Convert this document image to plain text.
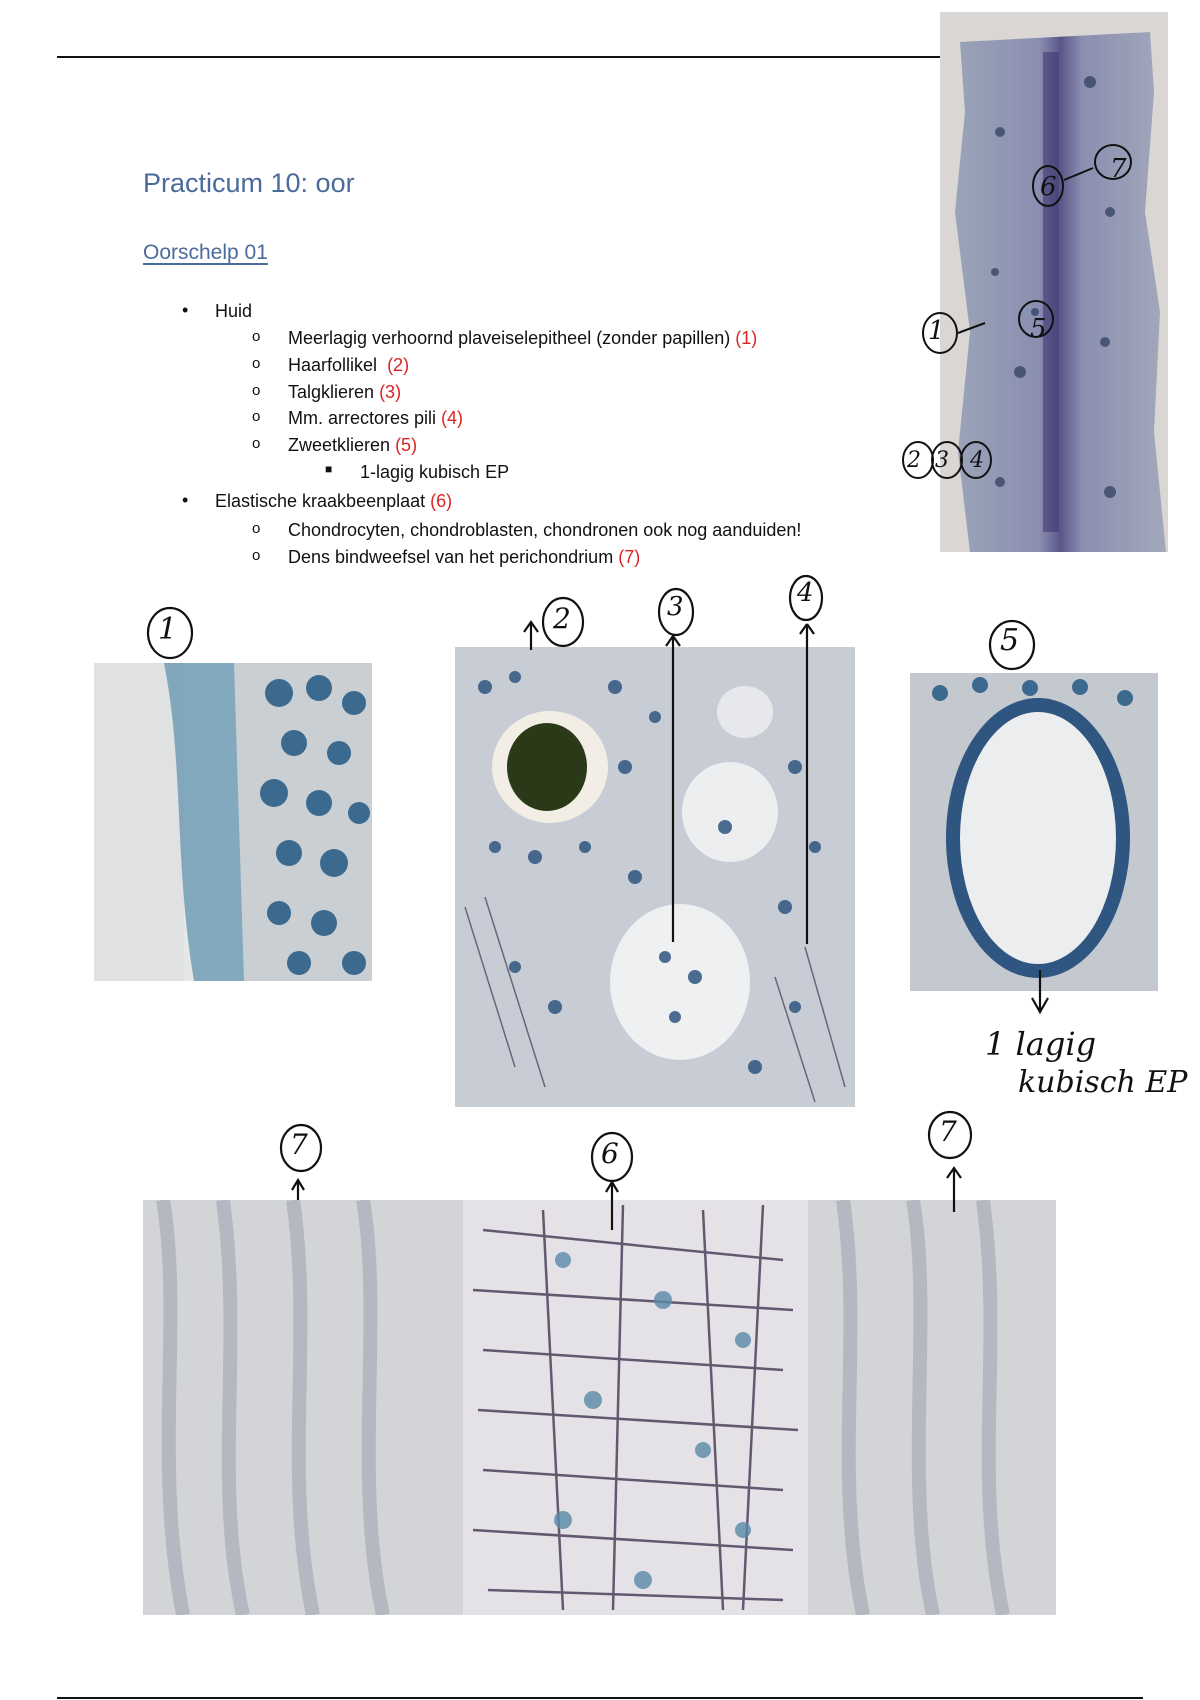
Practicum 10: oor
Oorschelp 01
• Huid
o Meerlagig verhoornd plaveiselepitheel (zonder papillen) (1)
o Haarfollikel (2)
o Talgklieren (3)
o Mm. arrectores pili (4)
o Zweetklieren (5)
■ 1-lagig kubisch EP
• Elastische kraakbeenplaat (6)
o Chondrocyten, chondroblasten, chondronen ook nog aanduiden!
o Dens bindweefsel van het perichondrium (7)
6
7
5
4
1
2 3
1	2	3	4
5
7	6
7
1 lagig
kubisch EP
